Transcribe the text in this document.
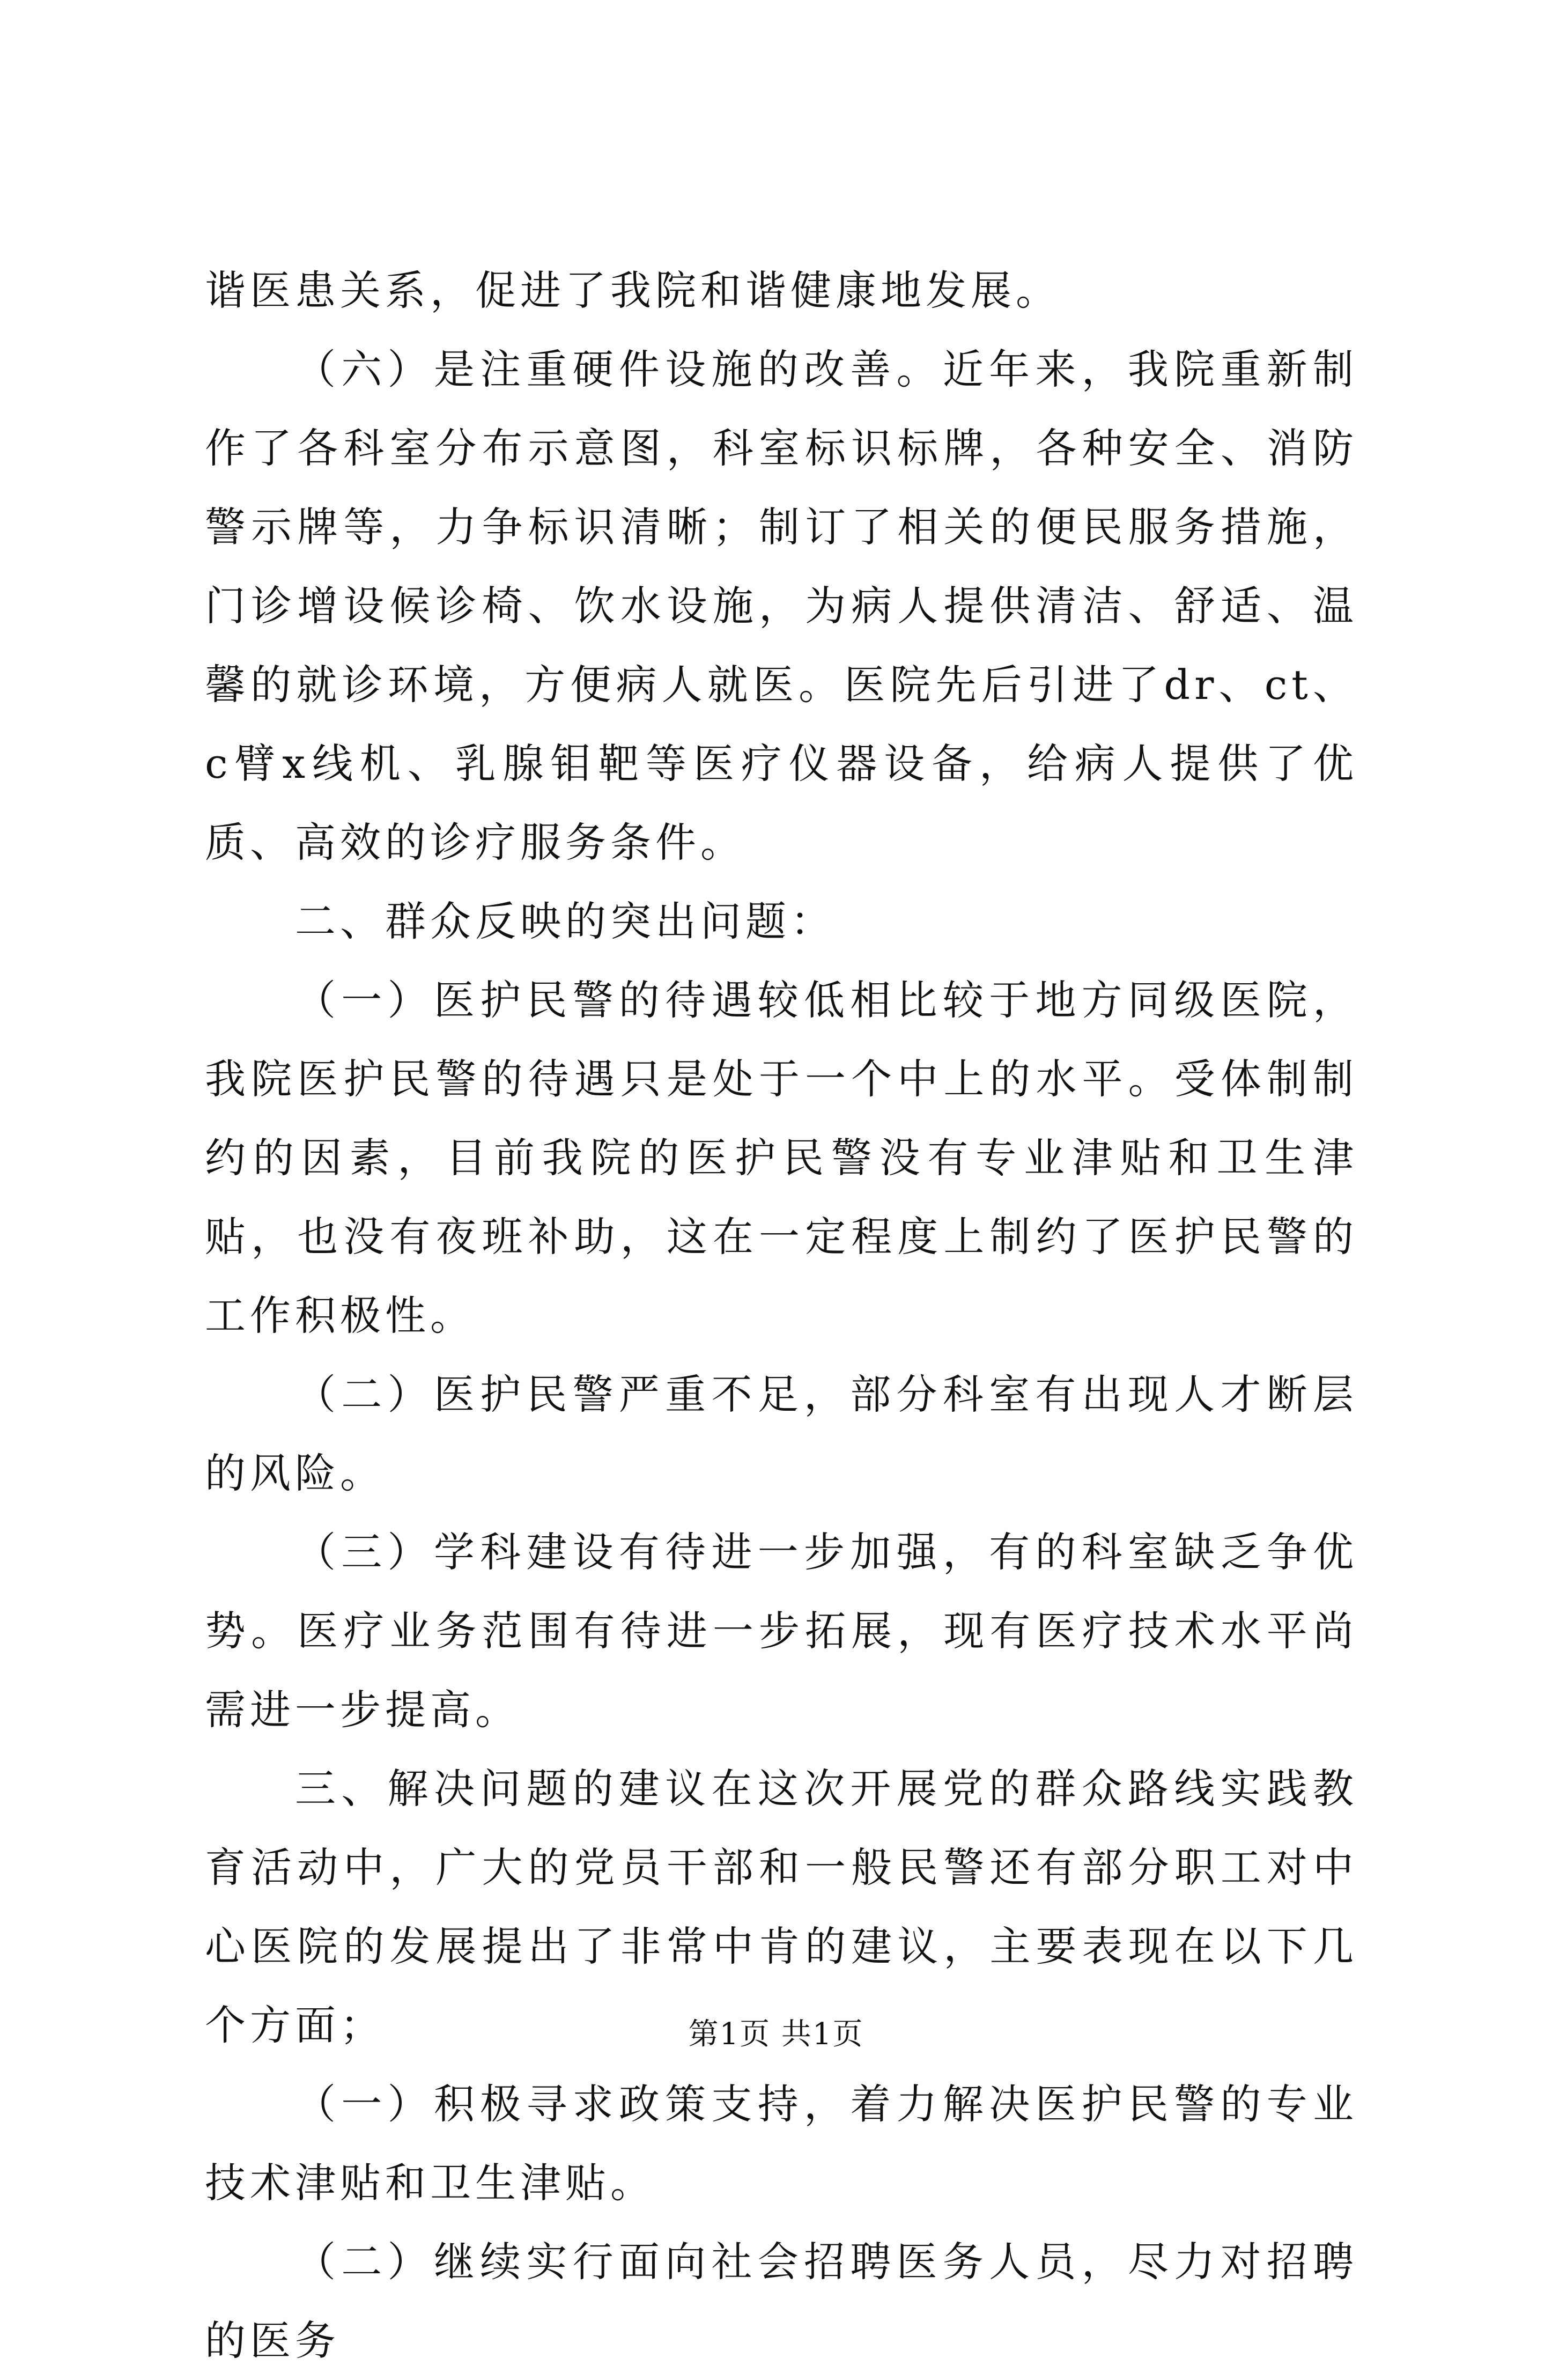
谐医患关系，促进了我院和谐健康地发展。

（六）是注重硬件设施的改善。近年来，我院重新制作了各科室分布示意图，科室标识标牌，各种安全、消防警示牌等，力争标识清晰；制订了相关的便民服务措施，门诊增设候诊椅、饮水设施，为病人提供清洁、舒适、温馨的就诊环境，方便病人就医。医院先后引进了dr、ct、c臂x线机、乳腺钼靶等医疗仪器设备，给病人提供了优质、高效的诊疗服务条件。

二、群众反映的突出问题：

（一）医护民警的待遇较低相比较于地方同级医院，我院医护民警的待遇只是处于一个中上的水平。受体制制约的因素，目前我院的医护民警没有专业津贴和卫生津贴，也没有夜班补助，这在一定程度上制约了医护民警的工作积极性。

（二）医护民警严重不足，部分科室有出现人才断层的风险。

（三）学科建设有待进一步加强，有的科室缺乏争优势。医疗业务范围有待进一步拓展，现有医疗技术水平尚需进一步提高。

三、解决问题的建议在这次开展党的群众路线实践教育活动中，广大的党员干部和一般民警还有部分职工对中心医院的发展提出了非常中肯的建议，主要表现在以下几个方面；

（一）积极寻求政策支持，着力解决医护民警的专业技术津贴和卫生津贴。

（二）继续实行面向社会招聘医务人员，尽力对招聘的医务

第1页 共1页
